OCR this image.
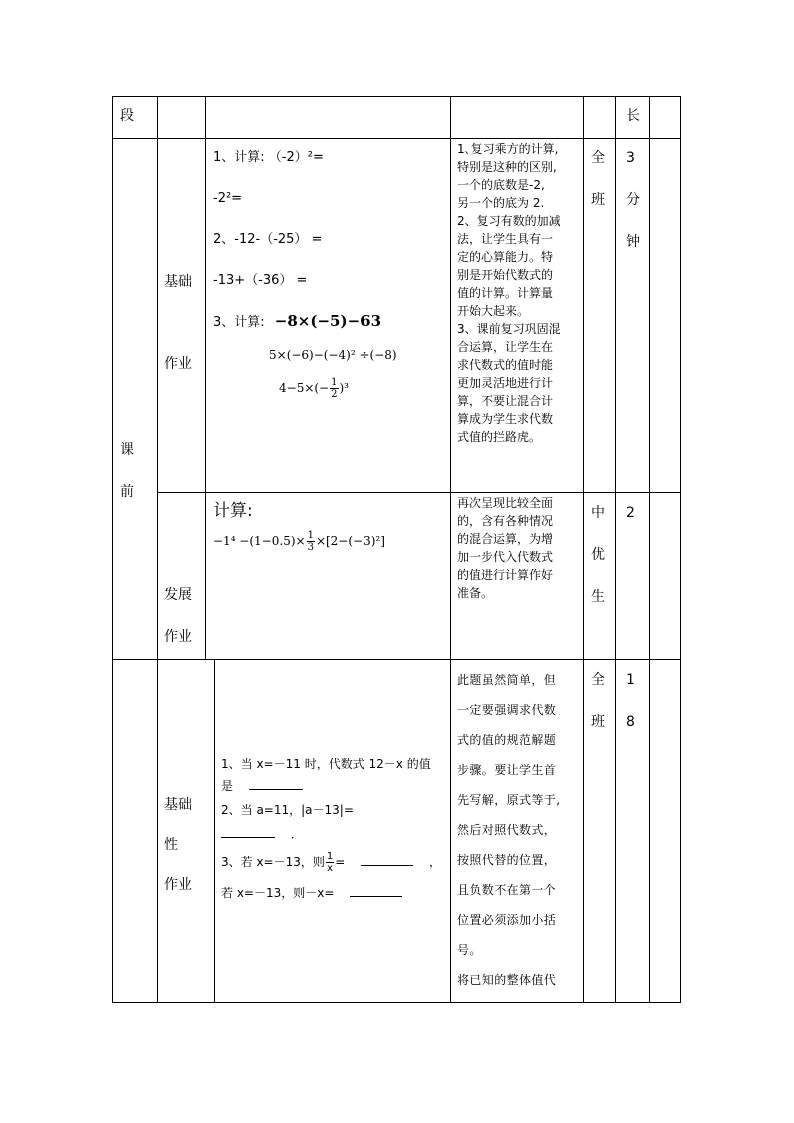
段	长
课
前
基础
作业
1、计算: （-2）²=
-2²=
2、-12-（-25） =
-13+（-36） =
3、计算: −8×(−5)−63
5×(−6)−(−4)² ÷(−8)
$4-5\times(- \frac{1}{2} )^3$
1､复习乘方的计算,
特别是这种的区别,
一个的底数是-2,
另一个的底为 2.
2、复习有数的加减
法，让学生具有一
定的心算能力。特
别是开始代数式的
值的计算。计算量
开始大起来。
3、课前复习巩固混
合运算，让学生在
求代数式的值时能
更加灵活地进行计
算，不要让混合计
算成为学生求代数
式值的拦路虎。
全
班
3
分
钟
发展
作业
计算:
$-1^4 -(1-0.5)\times \frac{1}{3} \times[2-(-3)^2]$
再次呈现比较全面
的，含有各种情况
的混合运算，为增
加一步代入代数式
的值进行计算作好
准备。
中
优
生
2
基础
性
作业
1、当 x=－11 时，代数式 12－x 的值
是
2、当 a=11，|a－13|=
．
3、若 x=－13，则 $\frac{1}{x}$ =	，
若 x=－13，则－x=
此题虽然简单，但
一定要强调求代数
式的值的规范解题
步骤。要让学生首
先写解，原式等于,
然后对照代数式，
按照代替的位置，
且负数不在第一个
位置必须添加小括
号。
将已知的整体值代
全
班
1
8
